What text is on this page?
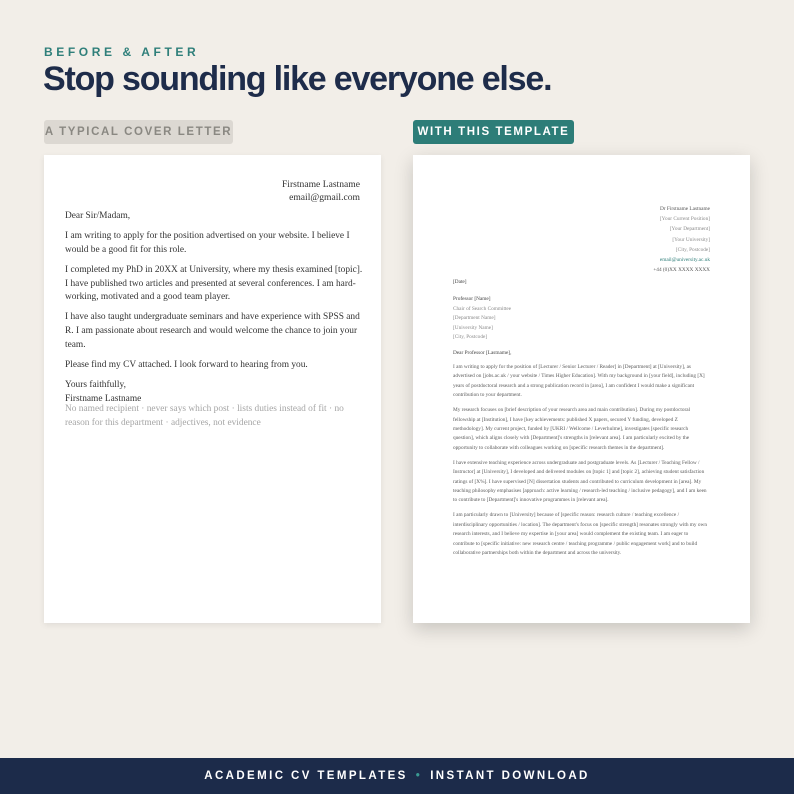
BEFORE & AFTER
Stop sounding like everyone else.
A TYPICAL COVER LETTER	WITH THIS TEMPLATE
Firstname Lastname
email@gmail.com

Dear Sir/Madam,

I am writing to apply for the position advertised on your website. I believe I would be a good fit for this role.

I completed my PhD in 20XX at University, where my thesis examined [topic]. I have published two articles and presented at several conferences. I am hard-working, motivated and a good team player.

I have also taught undergraduate seminars and have experience with SPSS and R. I am passionate about research and would welcome the chance to join your team.

Please find my CV attached. I look forward to hearing from you.

Yours faithfully,
Firstname Lastname
No named recipient · never says which post · lists duties instead of fit · no reason for this department · adjectives, not evidence
Dr Firstname Lastname
[Your Current Position]
[Your Department]
[Your University]
[City, Postcode]
email@university.ac.uk
+44 (0)XX XXXX XXXX
[Date]
Professor [Name]
Chair of Search Committee
[Department Name]
[University Name]
[City, Postcode]
Dear Professor [Lastname],

I am writing to apply for the position of [Lecturer / Senior Lecturer / Reader] in [Department] at [University], as advertised on [jobs.ac.uk / your website / Times Higher Education]. With my background in [your field], including [X] years of postdoctoral research and a strong publication record in [area], I am confident I would make a significant contribution to your department.

My research focuses on [brief description of your research area and main contribution]. During my postdoctoral fellowship at [Institution], I have [key achievements: published X papers, secured Y funding, developed Z methodology]. My current project, funded by [UKRI / Wellcome / Leverhulme], investigates [specific research question], which aligns closely with [Department]'s strengths in [relevant area]. I am particularly excited by the opportunity to collaborate with colleagues working on [specific research themes in the department].

I have extensive teaching experience across undergraduate and postgraduate levels. As [Lecturer / Teaching Fellow / Instructor] at [University], I developed and delivered modules on [topic 1] and [topic 2], achieving student satisfaction ratings of [X%]. I have supervised [N] dissertation students and contributed to curriculum development in [area]. My teaching philosophy emphasises [approach: active learning / research-led teaching / inclusive pedagogy], and I am keen to contribute to [Department]'s innovative programmes in [relevant area].

I am particularly drawn to [University] because of [specific reason: research culture / teaching excellence / interdisciplinary opportunities / location]. The department's focus on [specific strength] resonates strongly with my own research interests, and I believe my expertise in [your area] would complement the existing team. I am eager to contribute to [specific initiative: new research centre / teaching programme / public engagement work] and to build collaborative partnerships both within the department and across the university.

ACADEMIC CV TEMPLATES • INSTANT DOWNLOAD
